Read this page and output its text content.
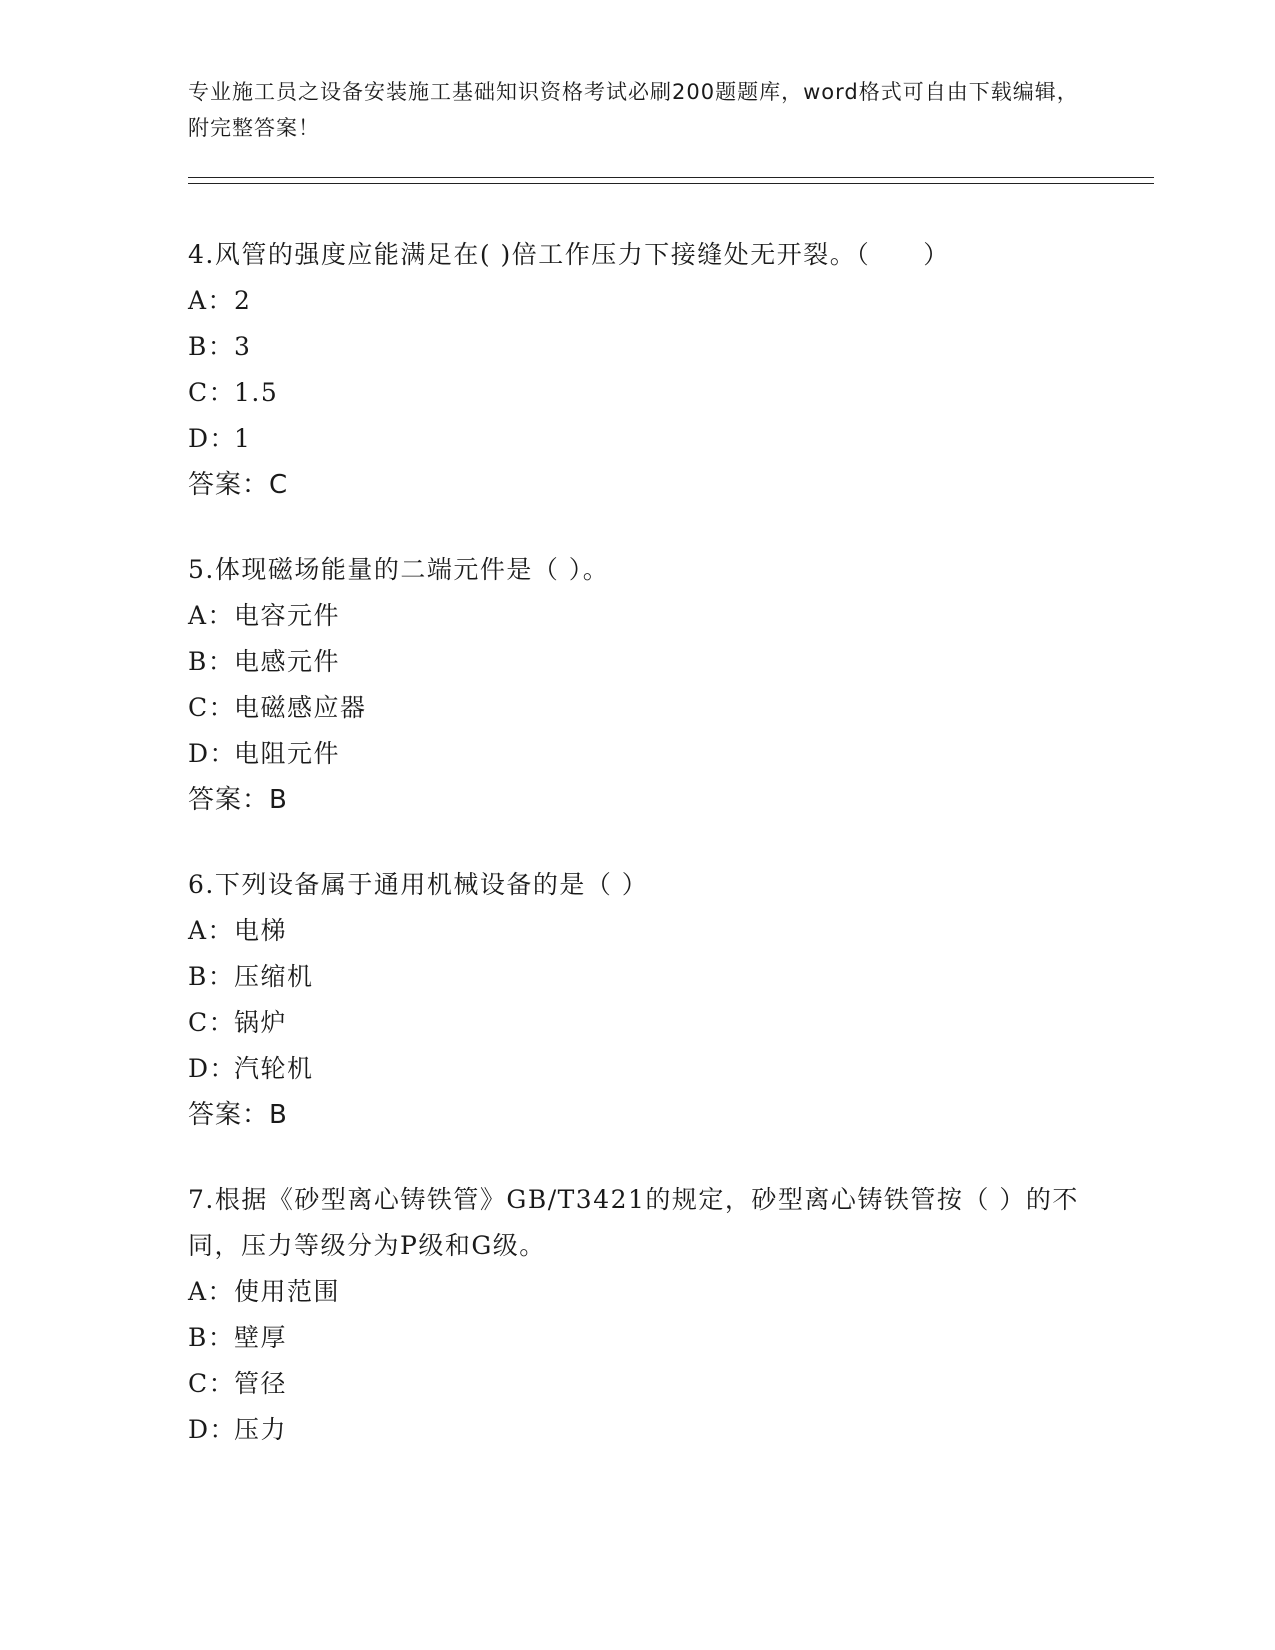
专业施工员之设备安装施工基础知识资格考试必刷200题题库，word格式可自由下载编辑，附完整答案！
4.风管的强度应能满足在( )倍工作压力下接缝处无开裂。（　　）
A： 2
B： 3
C：
1.5
D：
1
答案：C
5.体现磁场能量的二端元件是（ ）。
A： 电容元件
B： 电感元件
C：
电磁感应器
D：
电阻元件
答案：B
6.下列设备属于通用机械设备的是（ ）
A： 电梯
B： 压缩机
C：
锅炉
D：
汽轮机
答案：B
7.根据《砂型离心铸铁管》GB/T3421的规定，砂型离心铸铁管按（ ）的不同，压力等级分为P级和G级。
A： 使用范围
B： 壁厚
C：
管径
D：
压力
